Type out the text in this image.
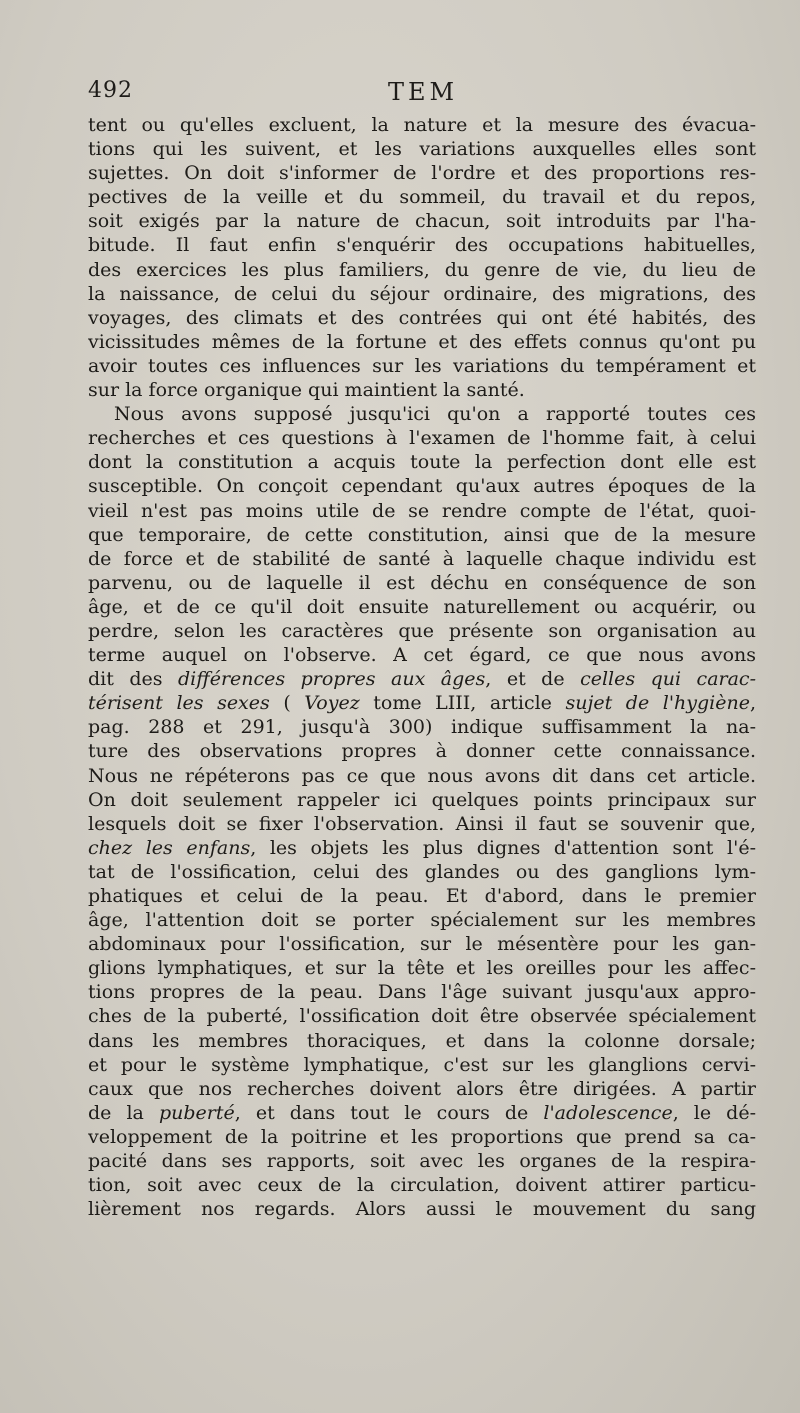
492	TEM
tent ou qu'elles excluent, la nature et la mesure des évacua-
tions qui les suivent, et les variations auxquelles elles sont
sujettes. On doit s'informer de l'ordre et des proportions res-
pectives de la veille et du sommeil, du travail et du repos,
soit exigés par la nature de chacun, soit introduits par l'ha-
bitude. Il faut enfin s'enquérir des occupations habituelles,
des exercices les plus familiers, du genre de vie, du lieu de
la naissance, de celui du séjour ordinaire, des migrations, des
voyages, des climats et des contrées qui ont été habités, des
vicissitudes mêmes de la fortune et des effets connus qu'ont pu
avoir toutes ces influences sur les variations du tempérament et
sur la force organique qui maintient la santé.
Nous avons supposé jusqu'ici qu'on a rapporté toutes ces
recherches et ces questions à l'examen de l'homme fait, à celui
dont la constitution a acquis toute la perfection dont elle est
susceptible. On conçoit cependant qu'aux autres époques de la
vieil n'est pas moins utile de se rendre compte de l'état, quoi-
que temporaire, de cette constitution, ainsi que de la mesure
de force et de stabilité de santé à laquelle chaque individu est
parvenu, ou de laquelle il est déchu en conséquence de son
âge, et de ce qu'il doit ensuite naturellement ou acquérir, ou
perdre, selon les caractères que présente son organisation au
terme auquel on l'observe. A cet égard, ce que nous avons
dit des différences propres aux âges, et de celles qui carac-
térisent les sexes ( Voyez tome LIII, article sujet de l'hygiène,
pag. 288 et 291, jusqu'à 300) indique suffisamment la na-
ture des observations propres à donner cette connaissance.
Nous ne répéterons pas ce que nous avons dit dans cet article.
On doit seulement rappeler ici quelques points principaux sur
lesquels doit se fixer l'observation. Ainsi il faut se souvenir que,
chez les enfans, les objets les plus dignes d'attention sont l'é-
tat de l'ossification, celui des glandes ou des ganglions lym-
phatiques et celui de la peau. Et d'abord, dans le premier
âge, l'attention doit se porter spécialement sur les membres
abdominaux pour l'ossification, sur le mésentère pour les gan-
glions lymphatiques, et sur la tête et les oreilles pour les affec-
tions propres de la peau. Dans l'âge suivant jusqu'aux appro-
ches de la puberté, l'ossification doit être observée spécialement
dans les membres thoraciques, et dans la colonne dorsale;
et pour le système lymphatique, c'est sur les glanglions cervi-
caux que nos recherches doivent alors être dirigées. A partir
de la puberté, et dans tout le cours de l'adolescence, le dé-
veloppement de la poitrine et les proportions que prend sa ca-
pacité dans ses rapports, soit avec les organes de la respira-
tion, soit avec ceux de la circulation, doivent attirer particu-
lièrement nos regards. Alors aussi le mouvement du sang
